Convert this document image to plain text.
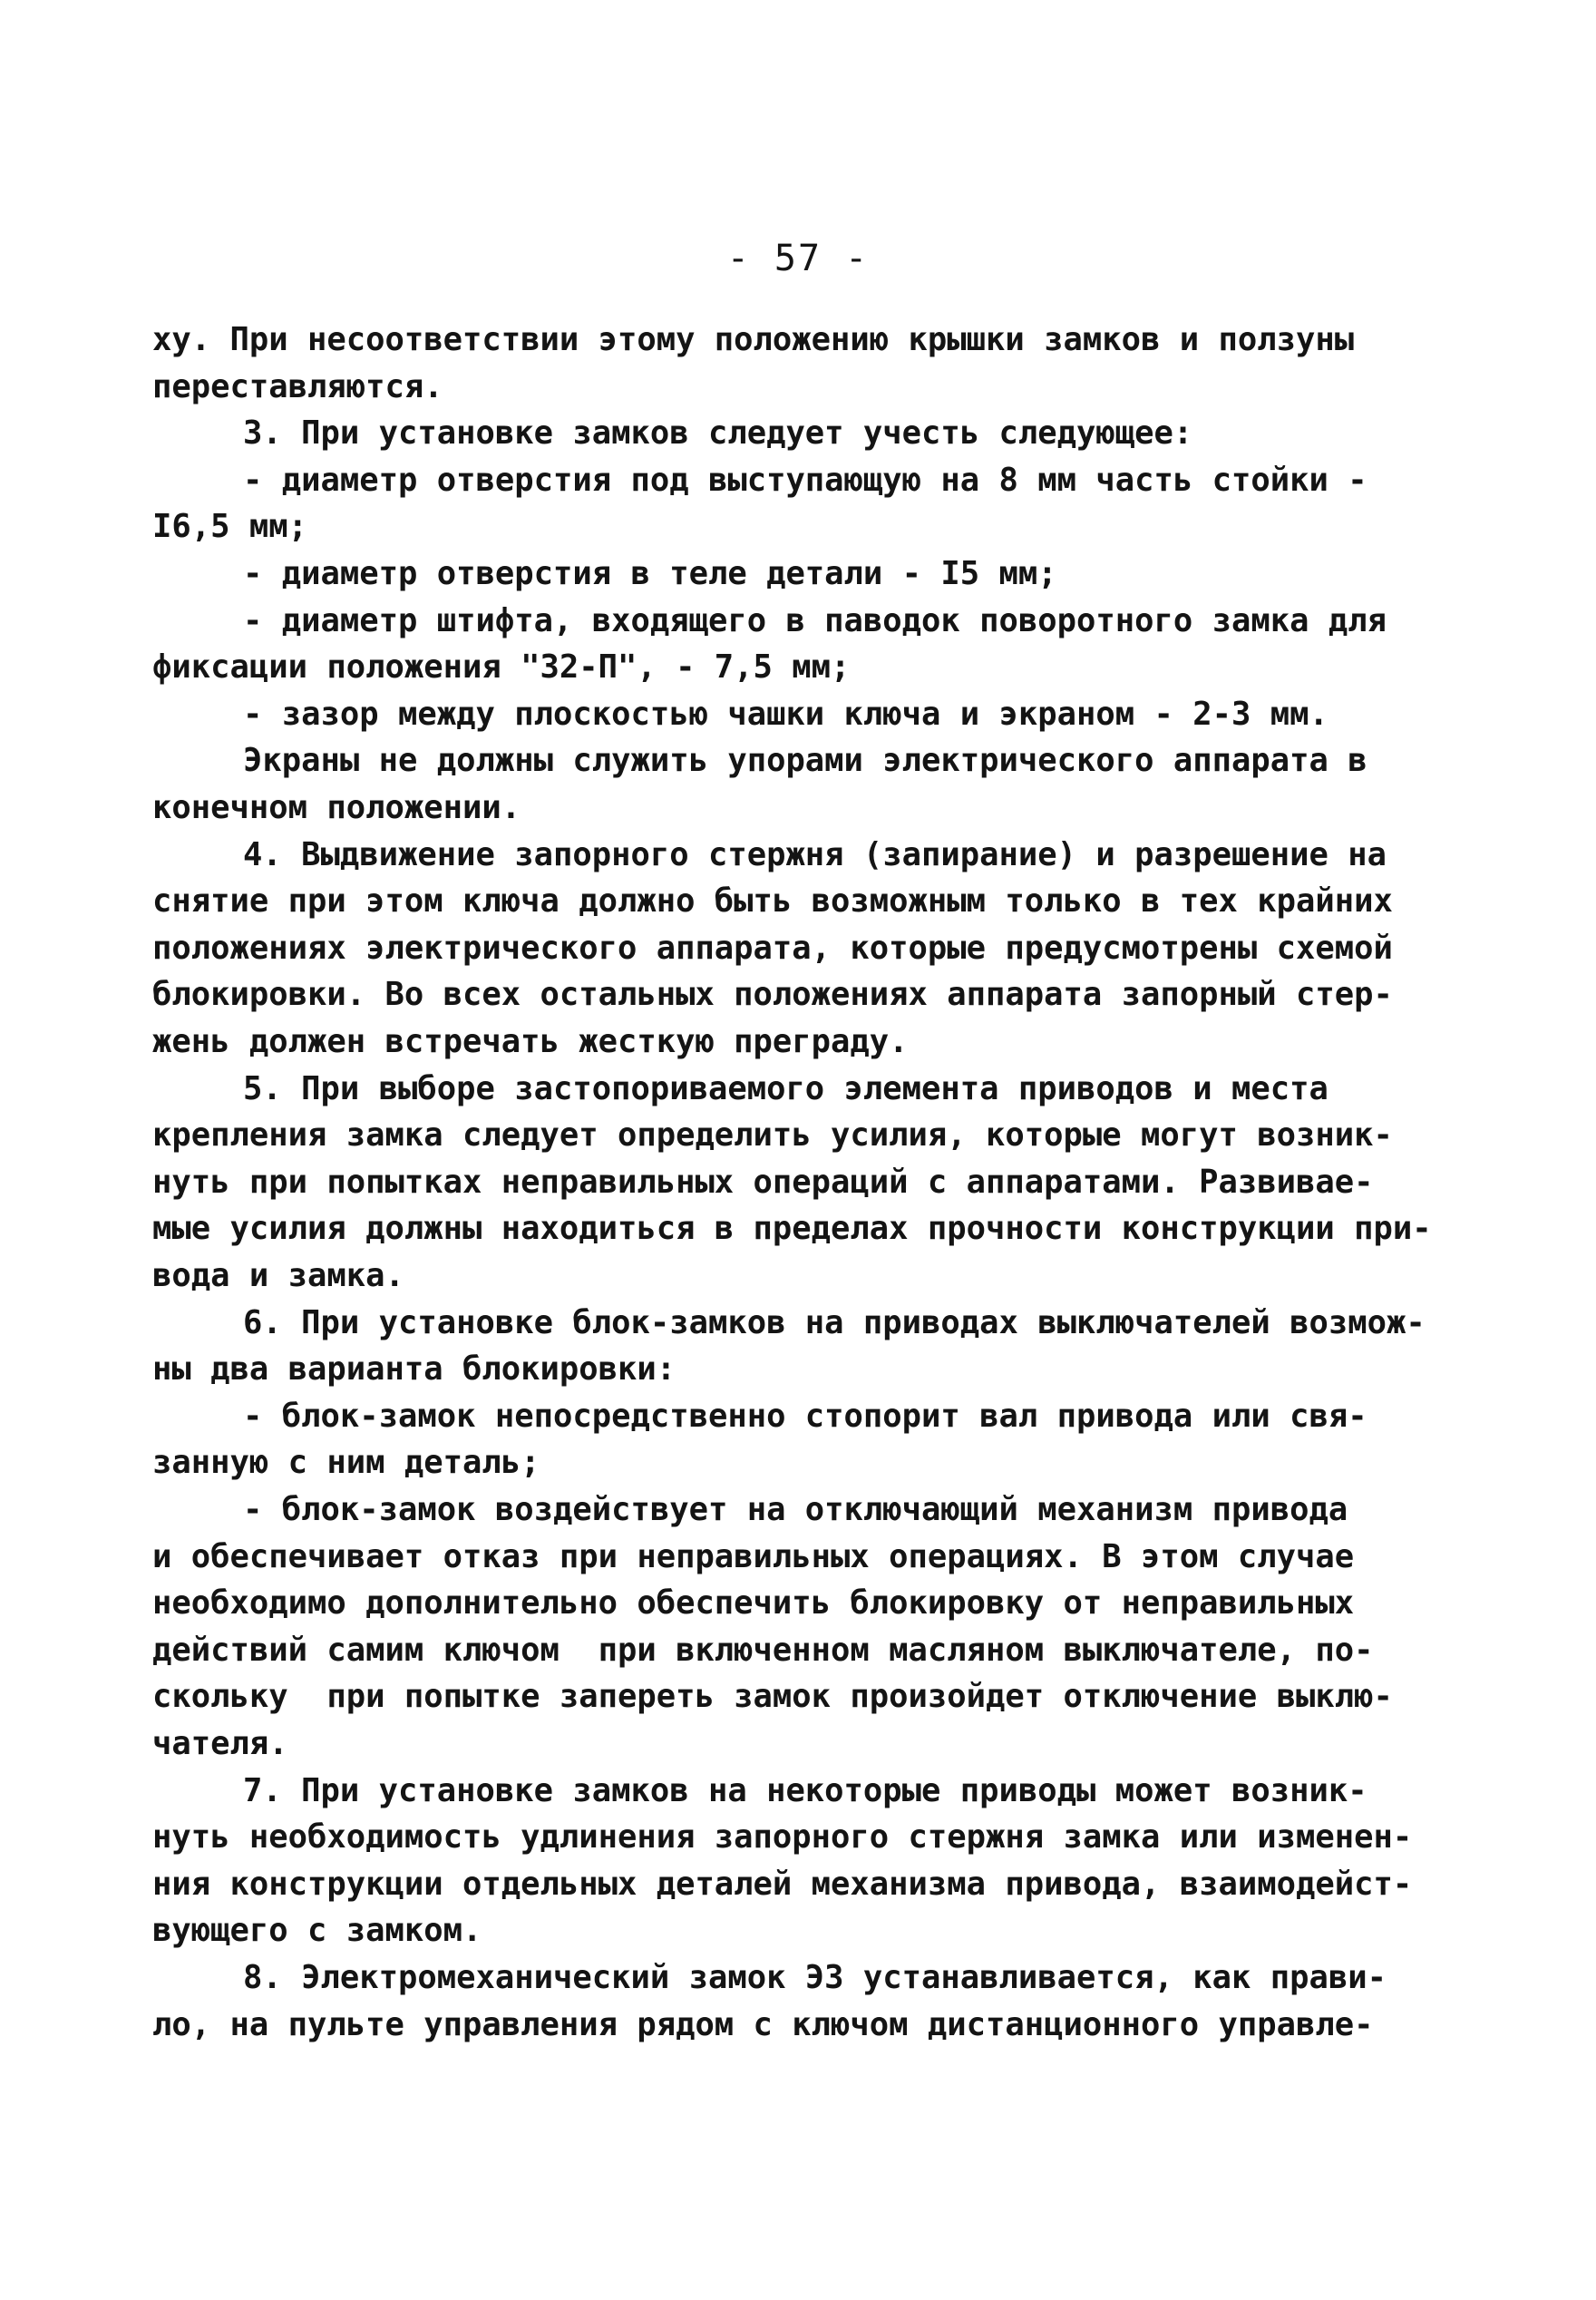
- 57 -

ху. При несоответствии этому положению крышки замков и ползуны

переставляются.

3. При установке замков следует учесть следующее:

- диаметр отверстия под выступающую на 8 мм часть стойки -

I6,5 мм;

- диаметр отверстия в теле детали - I5 мм;

- диаметр штифта, входящего в паводок поворотного замка для

фиксации положения "32-П", - 7,5 мм;

- зазор между плоскостью чашки ключа и экраном - 2-3 мм.

Экраны не должны служить упорами электрического аппарата в

конечном положении.

4. Выдвижение запорного стержня (запирание) и разрешение на

снятие при этом ключа должно быть возможным только в тех крайних

положениях электрического аппарата, которые предусмотрены схемой

блокировки. Во всех остальных положениях аппарата запорный стер-

жень должен встречать жесткую преграду.

5. При выборе застопориваемого элемента приводов и места

крепления замка следует определить усилия, которые могут возник-

нуть при попытках неправильных операций с аппаратами. Развивае-

мые усилия должны находиться в пределах прочности конструкции при-

вода и замка.

6. При установке блок-замков на приводах выключателей возмож-

ны два варианта блокировки:

- блок-замок непосредственно стопорит вал привода или свя-

занную с ним деталь;

- блок-замок воздействует на отключающий механизм привода

и обеспечивает отказ при неправильных операциях. В этом случае

необходимо дополнительно обеспечить блокировку от неправильных

действий самим ключом  при включенном масляном выключателе, по-

скольку  при попытке запереть замок произойдет отключение выклю-

чателя.

7. При установке замков на некоторые приводы может возник-

нуть необходимость удлинения запорного стержня замка или изменен-

ния конструкции отдельных деталей механизма привода, взаимодейст-

вующего с замком.

8. Электромеханический замок ЭЗ устанавливается, как прави-

ло, на пульте управления рядом с ключом дистанционного управле-
